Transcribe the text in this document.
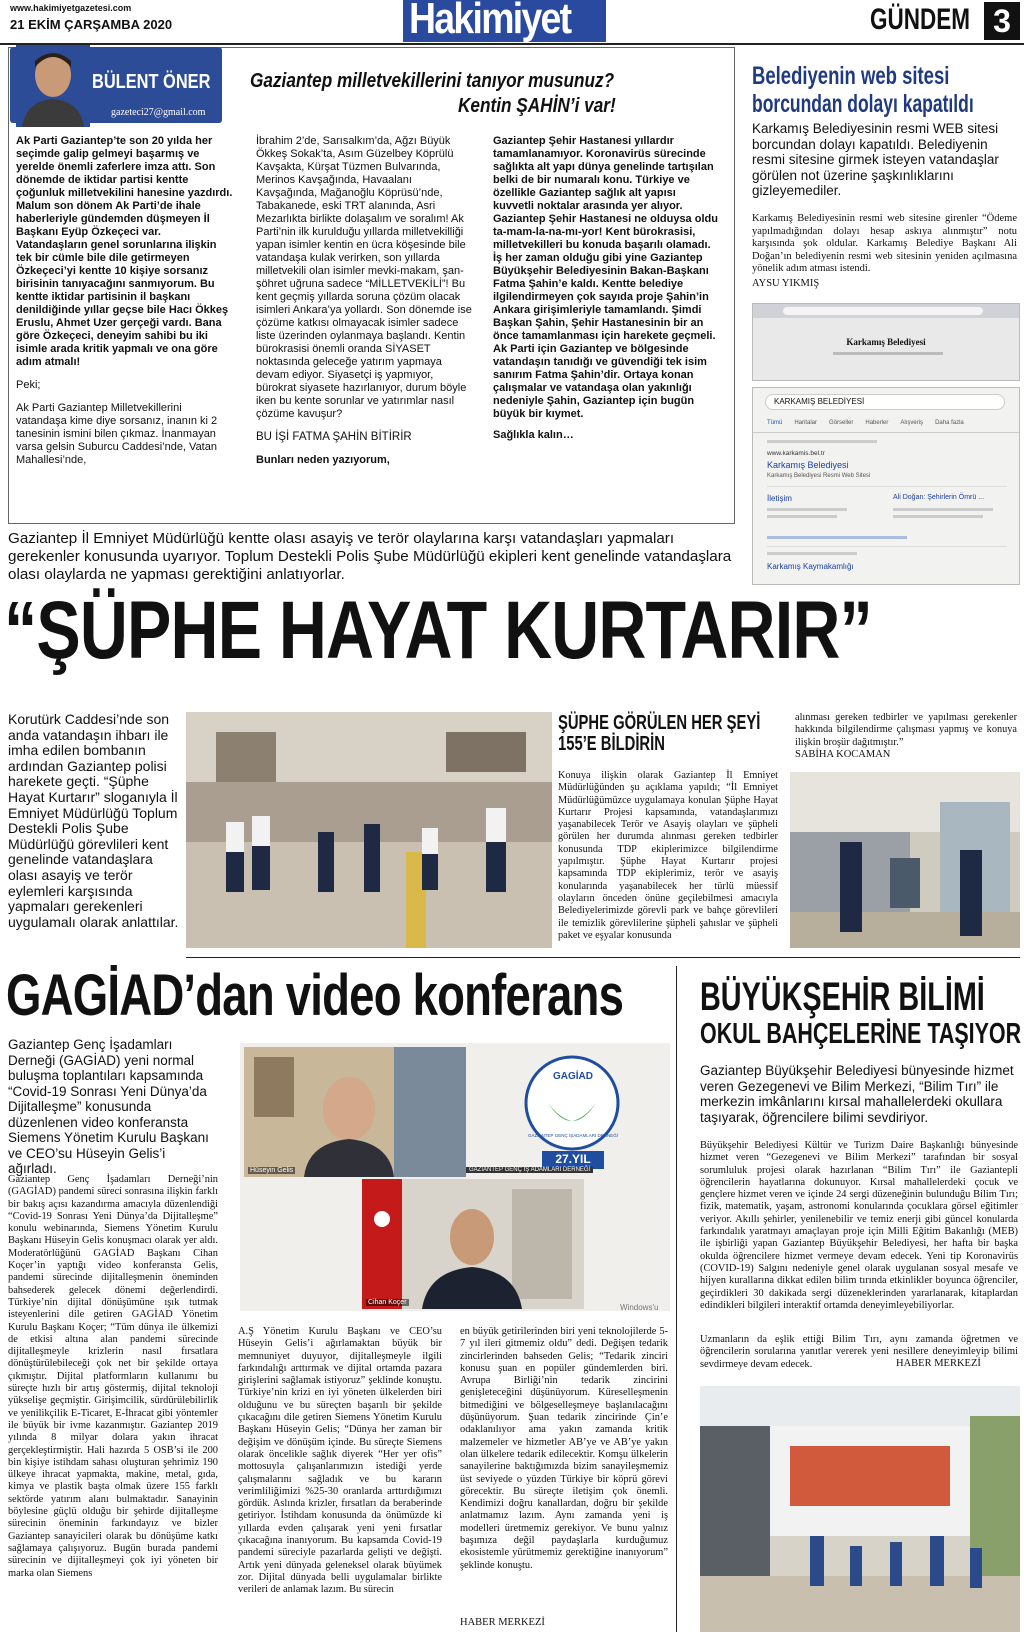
www.hakimiyetgazetesi.com
21 EKİM ÇARŞAMBA 2020	Hakimiyet	GÜNDEM 3
BÜLENT ÖNER
gazeteci27@gmail.com
Gaziantep milletvekillerini tanıyor musunuz?
Kentin ŞAHİN’i var!

Ak Parti Gaziantep’te son 20 yılda her seçimde galip gelmeyi başarmış ve yerelde önemli zaferlere imza attı. Son dönemde de iktidar partisi kentte çoğunluk milletvekilini hanesine yazdırdı. Malum son dönem Ak Parti’de ihale haberleriyle gündemden düşmeyen İl Başkanı Eyüp Özkeçeci var. Vatandaşların genel sorunlarına ilişkin tek bir cümle bile dile getirmeyen Özkeçeci’yi kentte 10 kişiye sorsanız birisinin tanıyacağını sanmıyorum. Bu kentte iktidar partisinin il başkanı denildiğinde yıllar geçse bile Hacı Ökkeş Eruslu, Ahmet Uzer gerçeği vardı. Bana göre Özkeçeci, deneyim sahibi bu iki isimle arada kritik yapmalı ve ona göre adım atmalı!

Peki;

Ak Parti Gaziantep Milletvekillerini vatandaşa kime diye sorsanız, inanın ki 2 tanesinin ismini bilen çıkmaz. İnanmayan varsa gelsin Suburcu Caddesi’nde, Vatan Mahallesi’nde,

İbrahim 2’de, Sarısalkım’da, Ağzı Büyük Ökkeş Sokak’ta, Asım Güzelbey Köprülü Kavşakta, Kürşat Tüzmen Bulvarında, Merinos Kavşağında, Havaalanı Kavşağında, Mağanoğlu Köprüsü’nde, Tabakanede, eski TRT alanında, Asri Mezarlıkta birlikte dolaşalım ve soralım! Ak Parti’nin ilk kurulduğu yıllarda milletvekilliği yapan isimler kentin en ücra köşesinde bile vatandaşa kulak verirken, son yıllarda milletvekili olan isimler mevki-makam, şan-şöhret uğruna sadece “MİLLETVEKİLİ”! Bu kent geçmiş yıllarda soruna çözüm olacak isimleri Ankara’ya yollardı. Son dönemde ise çözüme katkısı olmayacak isimler sadece liste üzerinden oylanmaya başlandı. Kentin bürokrasisi önemli oranda SİYASET noktasında geleceğe yatırım yapmaya devam ediyor. Siyasetçi iş yapmıyor, bürokrat siyasete hazırlanıyor, durum böyle iken bu kente sorunlar ve yatırımlar nasıl çözüme kavuşur?

BU İŞİ FATMA ŞAHİN BİTİRİR

Bunları neden yazıyorum,

Gaziantep Şehir Hastanesi yıllardır tamamlanamıyor. Koronavirüs sürecinde sağlıkta alt yapı dünya genelinde tartışılan belki de bir numaralı konu. Türkiye ve özellikle Gaziantep sağlık alt yapısı kuvvetli noktalar arasında yer alıyor. Gaziantep Şehir Hastanesi ne olduysa oldu ta-mam-la-na-mı-yor! Kent bürokrasisi, milletvekilleri bu konuda başarılı olamadı. İş her zaman olduğu gibi yine Gaziantep Büyükşehir Belediyesinin Bakan-Başkanı Fatma Şahin’e kaldı. Kentte belediye ilgilendirmeyen çok sayıda proje Şahin’in Ankara girişimleriyle tamamlandı. Şimdi Başkan Şahin, Şehir Hastanesinin bir an önce tamamlanması için harekete geçmeli. Ak Parti için Gaziantep ve bölgesinde vatandaşın tanıdığı ve güvendiği tek isim sanırım Fatma Şahin’dir. Ortaya konan çalışmalar ve vatandaşa olan yakınlığı nedeniyle Şahin, Gaziantep için bugün büyük bir kıymet.

Sağlıkla kalın…

Belediyenin web sitesi
borcundan dolayı kapatıldı
Karkamış Belediyesinin resmi WEB sitesi borcundan dolayı kapatıldı. Belediyenin resmi sitesine girmek isteyen vatandaşlar görülen not üzerine şaşkınlıklarını gizleyemediler.
Karkamış Belediyesinin resmi web sitesine girenler “Ödeme yapılmadığından dolayı hesap askıya alınmıştır” notu karşısında şok oldular. Karkamış Belediye Başkanı Ali Doğan’ın belediyenin resmi web sitesinin yeniden açılmasına yönelik adım atması istendi.
AYSU YIKMIŞ
Karkamış Belediyesi
KARKAMIŞ BELEDİYESİ
Tümü Haritalar Görseller Haberler Alışveriş Daha fazla
www.karkamis.bel.tr
Karkamış Belediyesi
Karkamış Belediyesi Resmi Web Sitesi
İletişim	Ali Doğan: Şehirlerin Ömrü ...
Karkamış Kaymakamlığı
Gaziantep İl Emniyet Müdürlüğü kentte olası asayiş ve terör olaylarına karşı vatandaşları yapmaları gerekenler konusunda uyarıyor. Toplum Destekli Polis Şube Müdürlüğü ekipleri kent genelinde vatandaşlara olası olaylarda ne yapması gerektiğini anlatıyorlar.
“ŞÜPHE HAYAT KURTARIR”
Korutürk Caddesi’nde son anda vatandaşın ihbarı ile imha edilen bombanın ardından Gaziantep polisi harekete geçti. “Şüphe Hayat Kurtarır” sloganıyla İl Emniyet Müdürlüğü Toplum Destekli Polis Şube Müdürlüğü görevlileri kent genelinde vatandaşlara olası asayiş ve terör eylemleri karşısında yapmaları gerekenleri uygulamalı olarak anlattılar.
ŞÜPHE GÖRÜLEN HER ŞEYİ
155’E BİLDİRİN
Konuya ilişkin olarak Gaziantep İl Emniyet Müdürlüğünden şu açıklama yapıldı; “İl Emniyet Müdürlüğümüzce uygulamaya konulan Şüphe Hayat Kurtarır Projesi kapsamında, vatandaşlarımızı yaşanabilecek Terör ve Asayiş olayları ve şüpheli görülen her durumda alınması gereken tedbirler konusunda TDP ekiplerimizce bilgilendirme yapılmıştır. Şüphe Hayat Kurtarır projesi kapsamında TDP ekiplerimiz, terör ve asayiş konularında yaşanabilecek her türlü müessif olayların önceden önüne geçilebilmesi amacıyla Belediyelerimizde görevli park ve bahçe görevlileri ile temizlik görevlilerine şüpheli şahıslar ve şüpheli paket ve eşyalar konusunda
alınması gereken tedbirler ve yapılması gerekenler hakkında bilgilendirme çalışması yapmış ve konuya ilişkin broşür dağıtmıştır.”
SABİHA KOCAMAN
GAGİAD’dan video konferans
Gaziantep Genç İşadamları Derneği (GAGİAD) yeni normal buluşma toplantıları kapsamında “Covid-19 Sonrası Yeni Dünya’da Dijitalleşme” konusunda düzenlenen video konferansta Siemens Yönetim Kurulu Başkanı ve CEO’su Hüseyin Gelis’i ağırladı.
Gaziantep Genç İşadamları Derneği’nin (GAGİAD) pandemi süreci sonrasına ilişkin farklı bir bakış açısı kazandırma amacıyla düzenlendiği “Covid-19 Sonrası Yeni Dünya’da Dijitalleşme” konulu webinarında, Siemens Yönetim Kurulu Başkanı Hüseyin Gelis konuşmacı olarak yer aldı. Moderatörlüğünü GAGİAD Başkanı Cihan Koçer’in yaptığı video konferansta Gelis, pandemi sürecinde dijitalleşmenin öneminden bahsederek gelecek dönemi değerlendirdi. Türkiye’nin dijital dönüşümüne ışık tutmak isteyenlerini dile getiren GAGİAD Yönetim Kurulu Başkanı Koçer; “Tüm dünya ile ülkemizi de etkisi altına alan pandemi sürecinde dijitalleşmeyle krizlerin nasıl fırsatlara dönüştürülebileceği çok net bir şekilde ortaya çıkmıştır. Dijital platformların kullanımı bu süreçte hızlı bir artış göstermiş, dijital teknoloji yükselişe geçmiştir. Girişimcilik, sürdürülebilirlik ve yenilikçilik E-Ticaret, E-İhracat gibi yöntemler ile büyük bir ivme kazanmıştır. Gaziantep 2019 yılında 8 milyar dolara yakın ihracat gerçekleştirmiştir. Hali hazırda 5 OSB’si ile 200 bin kişiye istihdam sahası oluşturan şehrimiz 190 ülkeye ihracat yapmakta, makine, metal, gıda, kimya ve plastik başta olmak üzere 155 farklı sektörde yatırım alanı bulmaktadır. Sanayinin böylesine güçlü olduğu bir şehirde dijitalleşme sürecinin öneminin farkındayız ve bizler Gaziantep sanayicileri olarak bu dönüşüme katkı sağlamaya çalışıyoruz. Bugün burada pandemi sürecinin ve dijitalleşmeyi çok iyi yöneten bir marka olan Siemens
Hüseyin Gelis
GAGİAD
GAZİANTEP GENÇ İŞADAMLARI DERNEĞİ
27.YIL
GAZİANTEP GENÇ İŞ ADAMLARI DERNEĞİ
Cihan Koçer
Windows'u
A.Ş Yönetim Kurulu Başkanı ve CEO’su Hüseyin Gelis’i ağırlamaktan büyük bir memnuniyet duyuyor, dijitalleşmeyle ilgili farkındalığı arttırmak ve dijital ortamda pazara girişlerini sağlamak istiyoruz” şeklinde konuştu. Türkiye’nin krizi en iyi yöneten ülkelerden biri olduğunu ve bu süreçten başarılı bir şekilde çıkacağını dile getiren Siemens Yönetim Kurulu Başkanı Hüseyin Gelis; “Dünya her zaman bir değişim ve dönüşüm içinde. Bu süreçte Siemens olarak öncelikle sağlık diyerek “Her yer ofis” mottosuyla çalışanlarımızın istediği yerde çalışmalarını sağladık ve bu kararın verimliliğimizi %25-30 oranlarda arttırdığımızı gördük. Aslında krizler, fırsatları da beraberinde getiriyor. İstihdam konusunda da önümüzde ki yıllarda evden çalışarak yeni yeni fırsatlar çıkacağına inanıyorum. Bu kapsamda Covid-19 pandemi süreciyle pazarlarda gelişti ve değişti. Artık yeni dünyada geleneksel olarak büyümek zor. Dijital dünyada belli uygulamalar birlikte verileri de anlamak lazım. Bu sürecin
en büyük getirilerinden biri yeni teknolojilerde 5-7 yıl ileri gitmemiz oldu” dedi. Değişen tedarik zincirlerinden bahseden Gelis; “Tedarik zinciri konusu şuan en popüler gündemlerden biri. Avrupa Birliği’nin tedarik zincirini genişleteceğini düşünüyorum. Küreselleşmenin bitmediğini ve bölgeselleşmeye başlanılacağını düşünüyorum. Şuan tedarik zincirinde Çin’e odaklanılıyor ama yakın zamanda kritik malzemeler ve hizmetler AB’ye ve AB’ye yakın olan ülkelere tedarik edilecektir. Komşu ülkelerin sanayilerine baktığımızda bizim sanayileşmemiz üst seviyede o yüzden Türkiye bir köprü görevi görecektir. Bu süreçte iletişim çok önemli. Kendimizi doğru kanallardan, doğru bir şekilde anlatmamız lazım. Aynı zamanda yeni iş modelleri üretmemiz gerekiyor. Ve bunu yalnız başımıza değil paydaşlarla kurduğumuz ekosistemle yürütmemiz gerektiğine inanıyorum” şeklinde konuştu.
HABER MERKEZİ
BÜYÜKŞEHİR BİLİMİ
OKUL BAHÇELERİNE TAŞIYOR
Gaziantep Büyükşehir Belediyesi bünyesinde hizmet veren Gezegenevi ve Bilim Merkezi, “Bilim Tırı” ile merkezin imkânlarını kırsal mahallelerdeki okullara taşıyarak, öğrencilere bilimi sevdiriyor.
Büyükşehir Belediyesi Kültür ve Turizm Daire Başkanlığı bünyesinde hizmet veren “Gezegenevi ve Bilim Merkezi” tarafından bir sosyal sorumluluk projesi olarak hazırlanan “Bilim Tırı” ile Gaziantepli öğrencilerin hayatlarına dokunuyor. Kırsal mahallelerdeki çocuk ve gençlere hizmet veren ve içinde 24 sergi düzeneğinin bulunduğu Bilim Tırı; fizik, matematik, yaşam, astronomi konularında çocuklara görsel eğitimler veriyor. Akıllı şehirler, yenilenebilir ve temiz enerji gibi güncel konularda farkındalık yaratmayı amaçlayan proje için Milli Eğitim Bakanlığı (MEB) ile işbirliği yapan Gaziantep Büyükşehir Belediyesi, her hafta bir başka okulda öğrencilere hizmet vermeye devam edecek. Yeni tip Koronavirüs (COVID-19) Salgını nedeniyle genel olarak uygulanan sosyal mesafe ve hijyen kurallarına dikkat edilen bilim tırında etkinlikler boyunca öğrenciler, geçirdikleri 30 dakikada sergi düzeneklerinden yararlanarak, kitaplardan edindikleri bilgileri interaktif ortamda deneyimleyebiliyorlar.
Uzmanların da eşlik ettiği Bilim Tırı, aynı zamanda öğretmen ve öğrencilerin sorularına yanıtlar vererek yeni nesillere deneyimleyip bilimi sevdirmeye devam edecek.	HABER MERKEZİ
